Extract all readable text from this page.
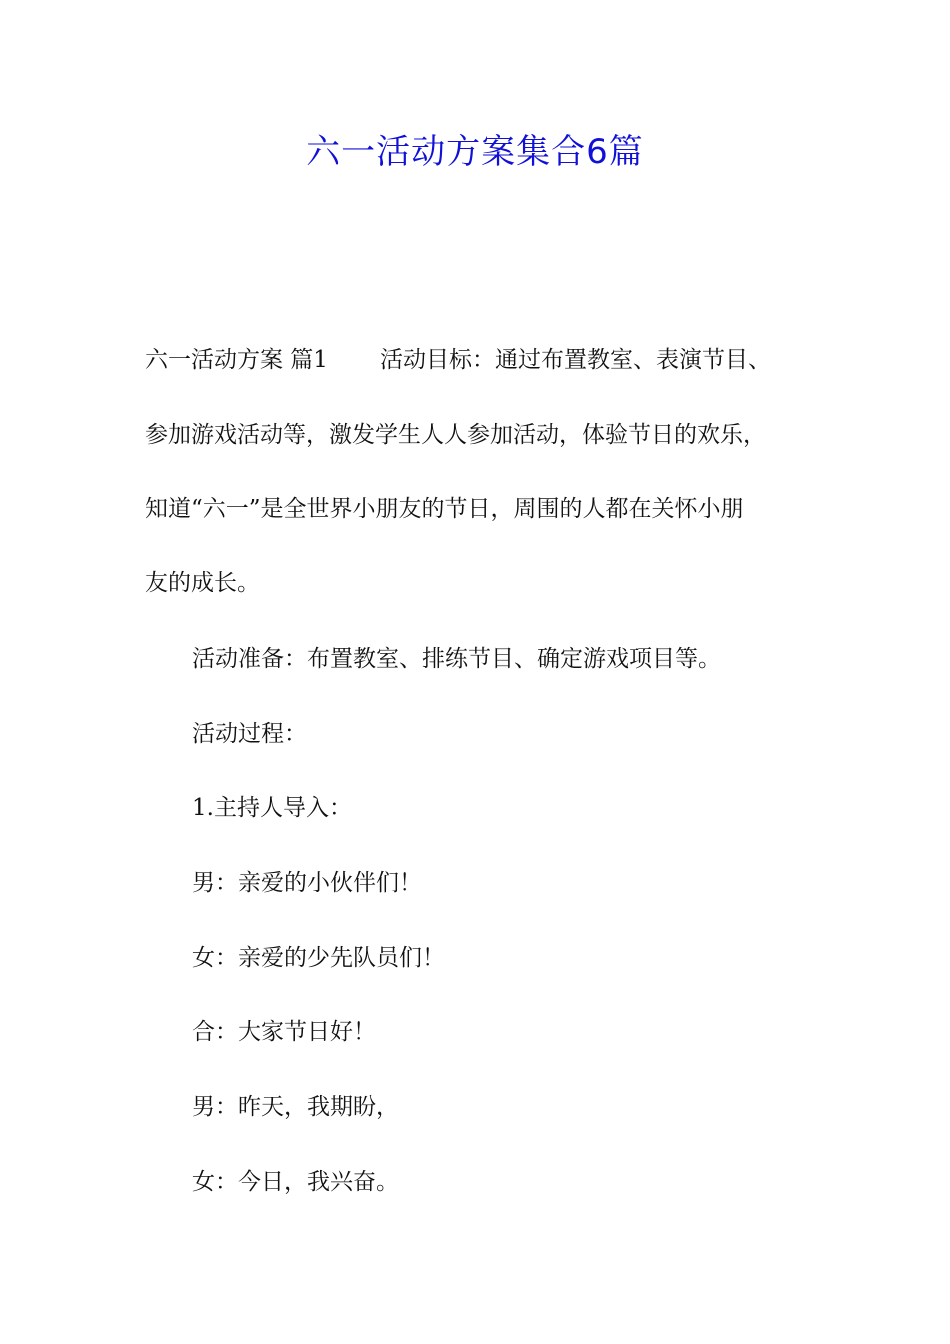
六一活动方案集合6篇
六一活动方案 篇1 活动目标：通过布置教室、表演节目、
参加游戏活动等，激发学生人人参加活动，体验节日的欢乐，
知道“六一”是全世界小朋友的节日，周围的人都在关怀小朋
友的成长。
活动准备：布置教室、排练节目、确定游戏项目等。
活动过程：
1.主持人导入：
男：亲爱的小伙伴们！
女：亲爱的少先队员们！
合：大家节日好！
男：昨天，我期盼，
女：今日，我兴奋。
